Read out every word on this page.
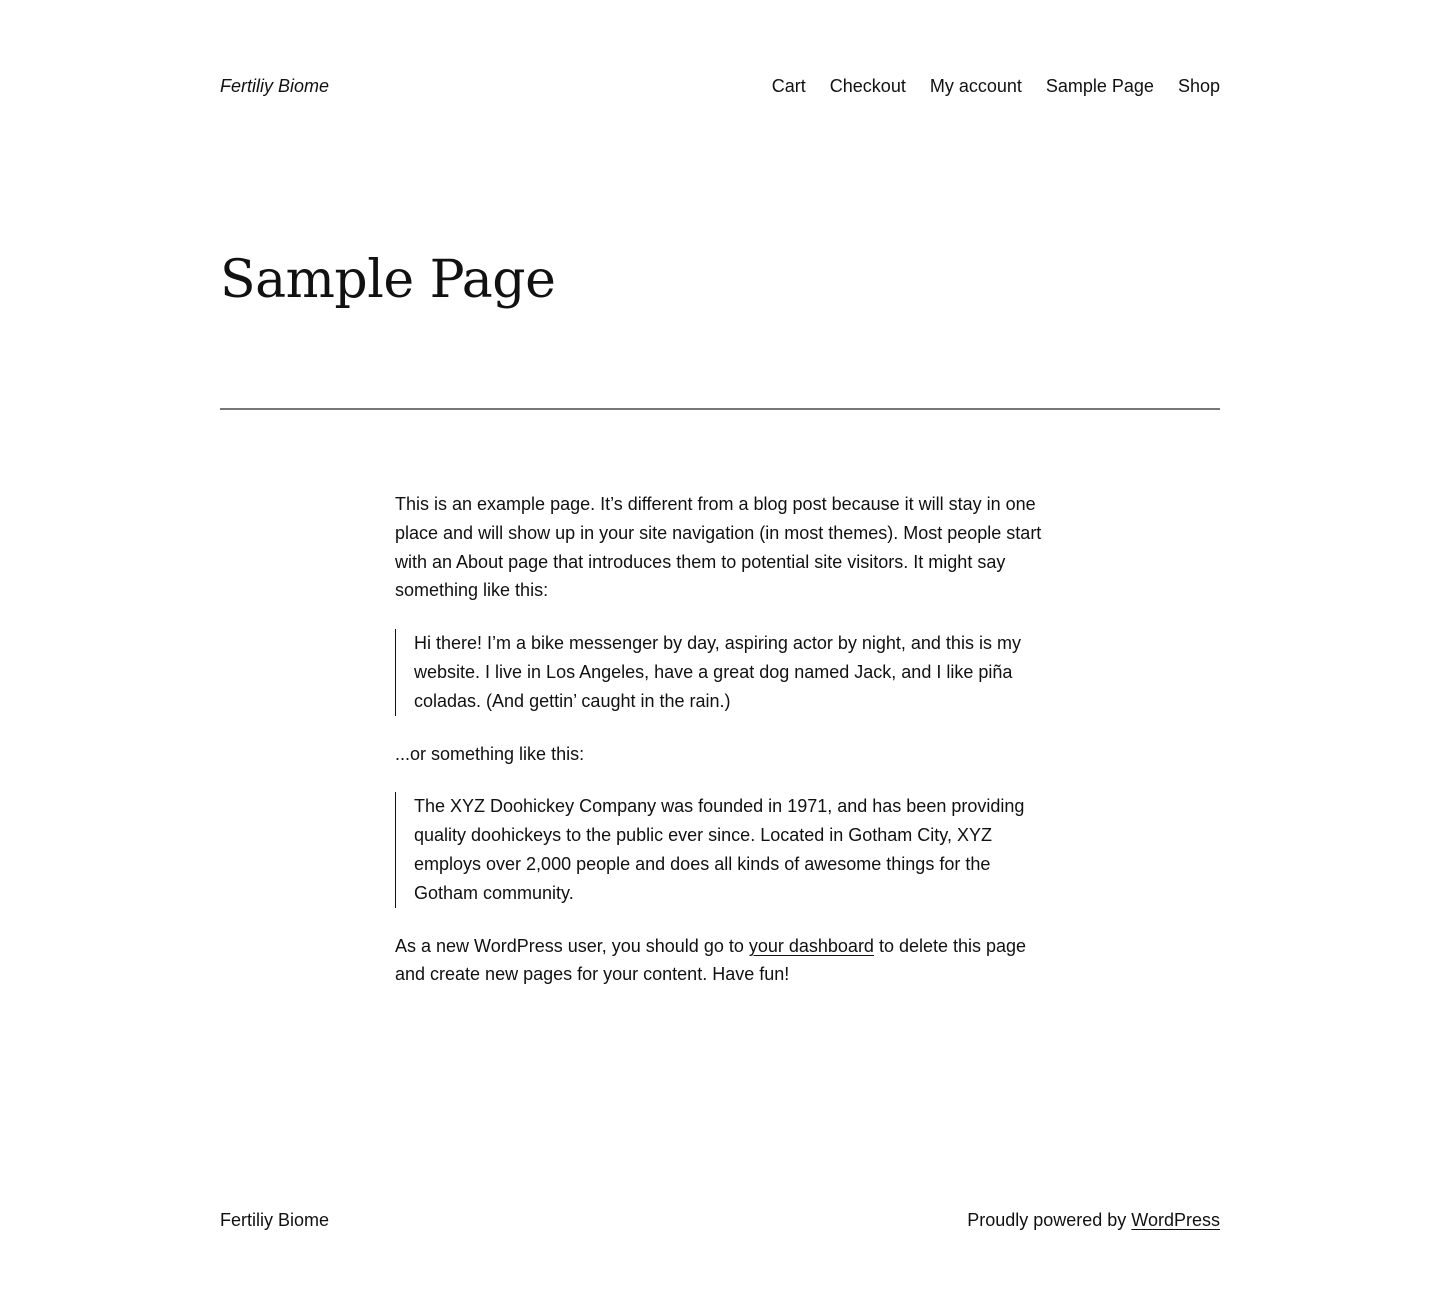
Fertiliy Biome	Cart Checkout My account Sample Page Shop
Sample Page

This is an example page. It’s different from a blog post because it will stay in one place and will show up in your site navigation (in most themes). Most people start with an About page that introduces them to potential site visitors. It might say something like this:

Hi there! I’m a bike messenger by day, aspiring actor by night, and this is my website. I live in Los Angeles, have a great dog named Jack, and I like piña coladas. (And gettin’ caught in the rain.)

...or something like this:

The XYZ Doohickey Company was founded in 1971, and has been providing quality doohickeys to the public ever since. Located in Gotham City, XYZ employs over 2,000 people and does all kinds of awesome things for the Gotham community.

As a new WordPress user, you should go to your dashboard to delete this page and create new pages for your content. Have fun!

Fertiliy Biome	Proudly powered by WordPress
